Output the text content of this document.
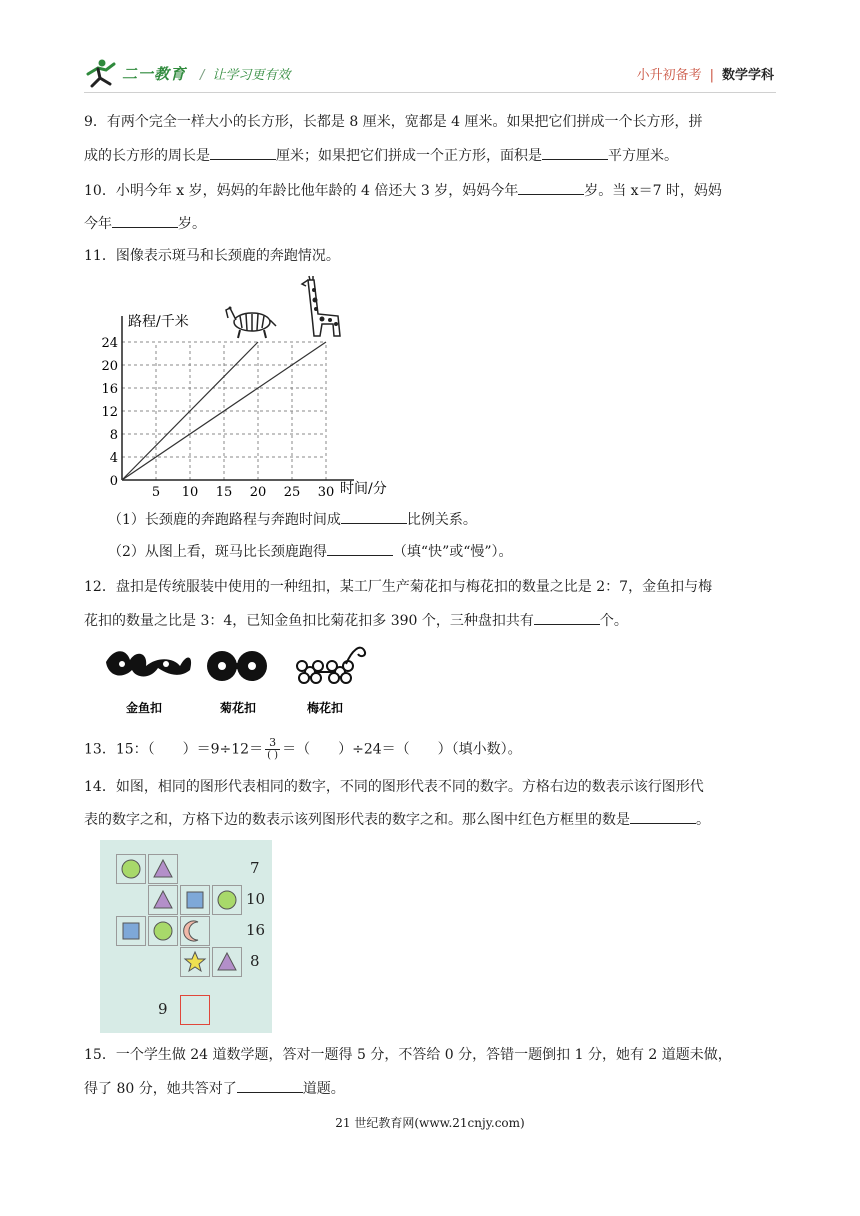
二一教育 / 让学习更有效	小升初备考 | 数学学科
9．有两个完全一样大小的长方形，长都是 8 厘米，宽都是 4 厘米。如果把它们拼成一个长方形，拼
成的长方形的周长是	厘米；如果把它们拼成一个正方形，面积是	平方厘米。
10．小明今年 x 岁，妈妈的年龄比他年龄的 4 倍还大 3 岁，妈妈今年	岁。当 x＝7 时，妈妈
今年	岁。
11．图像表示斑马和长颈鹿的奔跑情况。
5 10 15 20 25 30
0
4
8
12
16
20
24
路程/千米
时间/分
（1）长颈鹿的奔跑路程与奔跑时间成	比例关系。
（2）从图上看，斑马比长颈鹿跑得	（填“快”或“慢”）。
12．盘扣是传统服装中使用的一种纽扣，某工厂生产菊花扣与梅花扣的数量之比是 2：7，金鱼扣与梅
花扣的数量之比是 3：4，已知金鱼扣比菊花扣多 390 个，三种盘扣共有	个。
金鱼扣	菊花扣	梅花扣
13．15：（　　）$=9\div 12= \frac{3}{( )}$ ＝（　　）÷24＝（　　）（填小数）。
14．如图，相同的图形代表相同的数字，不同的图形代表不同的数字。方格右边的数表示该行图形代
表的数字之和，方格下边的数表示该列图形代表的数字之和。那么图中红色方框里的数是	。
7
10
16
8
9
15．一个学生做 24 道数学题，答对一题得 5 分，不答给 0 分，答错一题倒扣 1 分，她有 2 道题未做，
得了 80 分，她共答对了	道题。
21 世纪教育网(www.21cnjy.com)
